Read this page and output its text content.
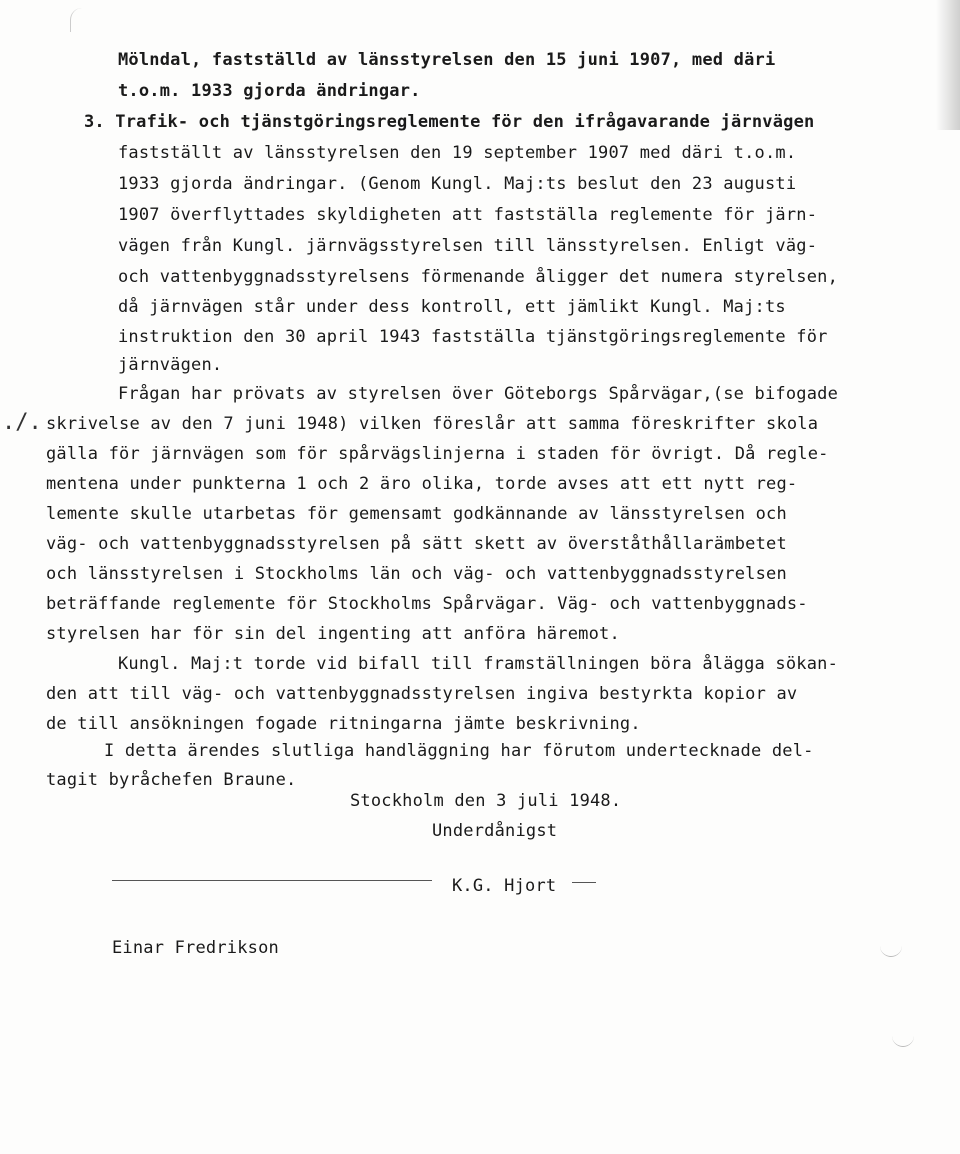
Mölndal, fastställd av länsstyrelsen den 15 juni 1907, med däri
t.o.m. 1933 gjorda ändringar.
3. Trafik- och tjänstgöringsreglemente för den ifrågavarande järnvägen
fastställt av länsstyrelsen den 19 september 1907 med däri t.o.m.
1933 gjorda ändringar. (Genom Kungl. Maj:ts beslut den 23 augusti
1907 överflyttades skyldigheten att fastställa reglemente för järn-
vägen från Kungl. järnvägsstyrelsen till länsstyrelsen. Enligt väg-
och vattenbyggnadsstyrelsens förmenande åligger det numera styrelsen,
då järnvägen står under dess kontroll, ett jämlikt Kungl. Maj:ts
instruktion den 30 april 1943 fastställa tjänstgöringsreglemente för
järnvägen.
Frågan har prövats av styrelsen över Göteborgs Spårvägar,(se bifogade
./. skrivelse av den 7 juni 1948) vilken föreslår att samma föreskrifter skola
gälla för järnvägen som för spårvägslinjerna i staden för övrigt. Då regle-
mentena under punkterna 1 och 2 äro olika, torde avses att ett nytt reg-
lemente skulle utarbetas för gemensamt godkännande av länsstyrelsen och
väg- och vattenbyggnadsstyrelsen på sätt skett av överståthållarämbetet
och länsstyrelsen i Stockholms län och väg- och vattenbyggnadsstyrelsen
beträffande reglemente för Stockholms Spårvägar. Väg- och vattenbyggnads-
styrelsen har för sin del ingenting att anföra häremot.
Kungl. Maj:t torde vid bifall till framställningen böra ålägga sökan-
den att till väg- och vattenbyggnadsstyrelsen ingiva bestyrkta kopior av
de till ansökningen fogade ritningarna jämte beskrivning.
I detta ärendes slutliga handläggning har förutom undertecknade del-
tagit byråchefen Braune.
Stockholm den 3 juli 1948.
Underdånigst
K.G. Hjort
Einar Fredrikson
